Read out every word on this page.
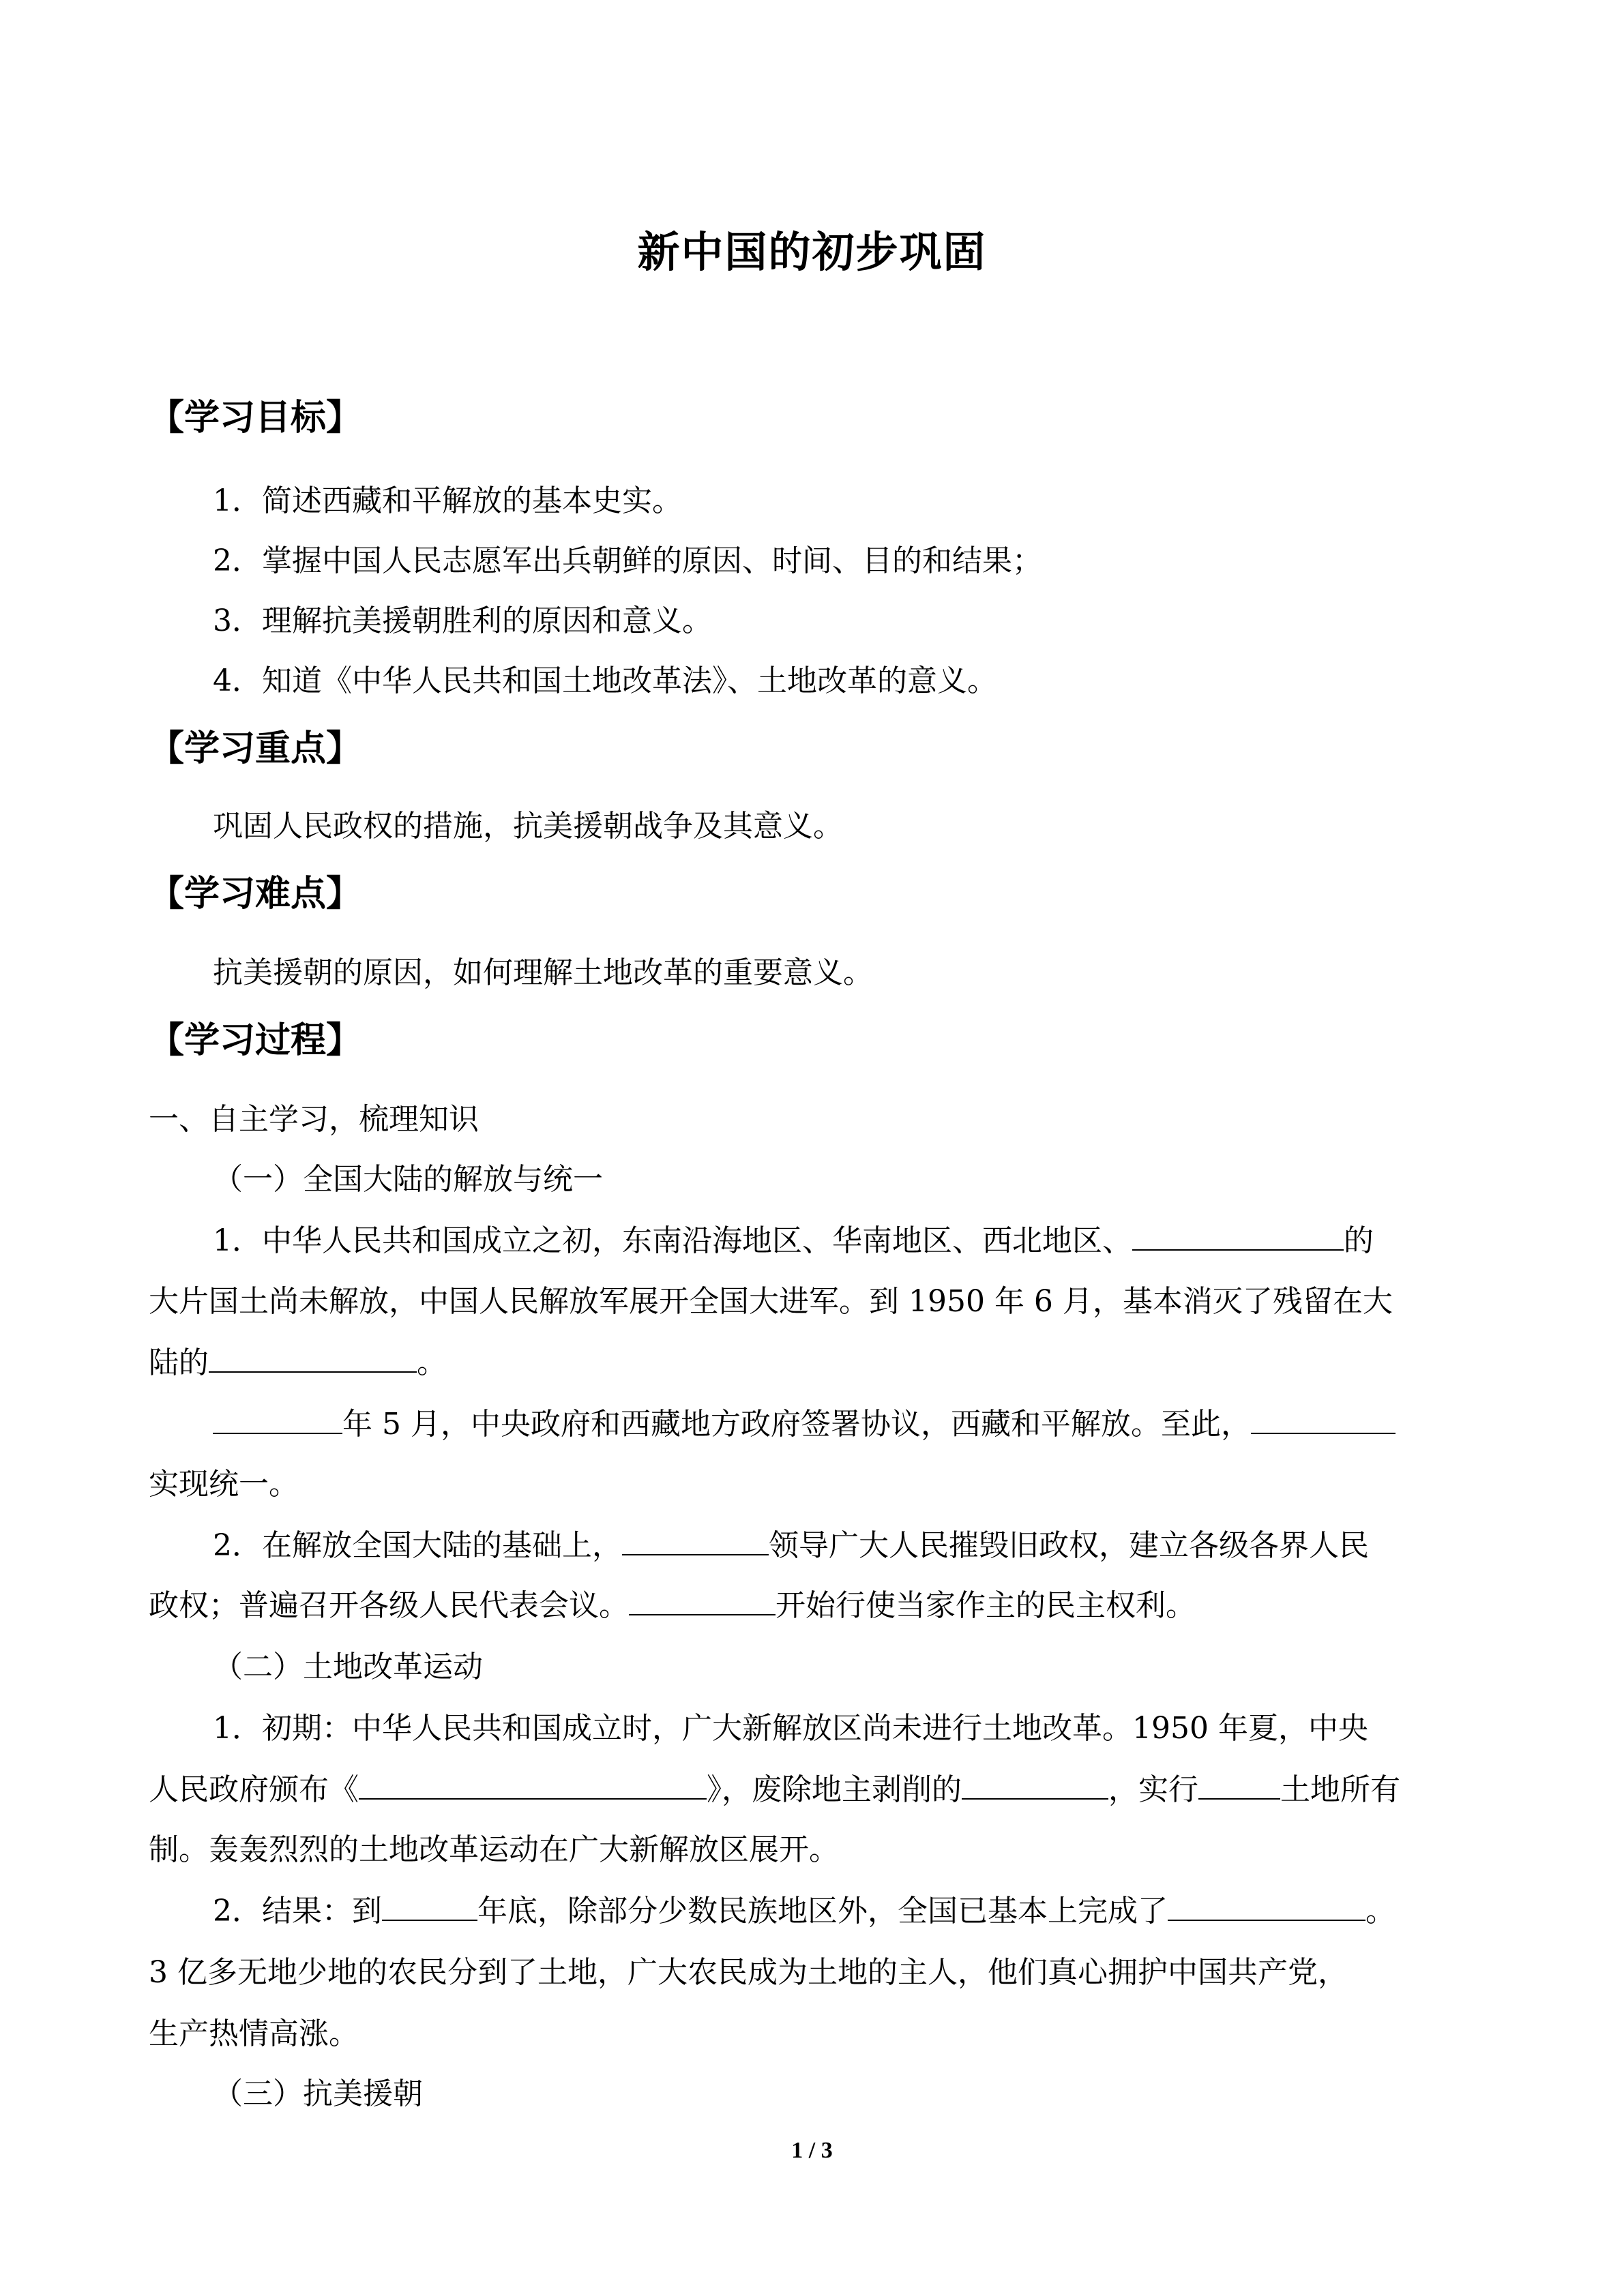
新中国的初步巩固
【学习目标】
1．简述西藏和平解放的基本史实。
2．掌握中国人民志愿军出兵朝鲜的原因、时间、目的和结果；
3．理解抗美援朝胜利的原因和意义。
4．知道《中华人民共和国土地改革法》、土地改革的意义。
【学习重点】
巩固人民政权的措施，抗美援朝战争及其意义。
【学习难点】
抗美援朝的原因，如何理解土地改革的重要意义。
【学习过程】
一、自主学习，梳理知识
（一）全国大陆的解放与统一
1．中华人民共和国成立之初，东南沿海地区、华南地区、西北地区、	的
大片国土尚未解放，中国人民解放军展开全国大进军。到 1950 年 6 月，基本消灭了残留在大
陆的	。
年 5 月，中央政府和西藏地方政府签署协议，西藏和平解放。至此，
实现统一。
2．在解放全国大陆的基础上，	领导广大人民摧毁旧政权，建立各级各界人民
政权；普遍召开各级人民代表会议。	开始行使当家作主的民主权利。
（二）土地改革运动
1．初期：中华人民共和国成立时，广大新解放区尚未进行土地改革。1950 年夏，中央
人民政府颁布《	》，废除地主剥削的	，实行	土地所有
制。轰轰烈烈的土地改革运动在广大新解放区展开。
2．结果：到	年底，除部分少数民族地区外，全国已基本上完成了	。
3 亿多无地少地的农民分到了土地，广大农民成为土地的主人，他们真心拥护中国共产党，
生产热情高涨。
（三）抗美援朝
1 / 3
